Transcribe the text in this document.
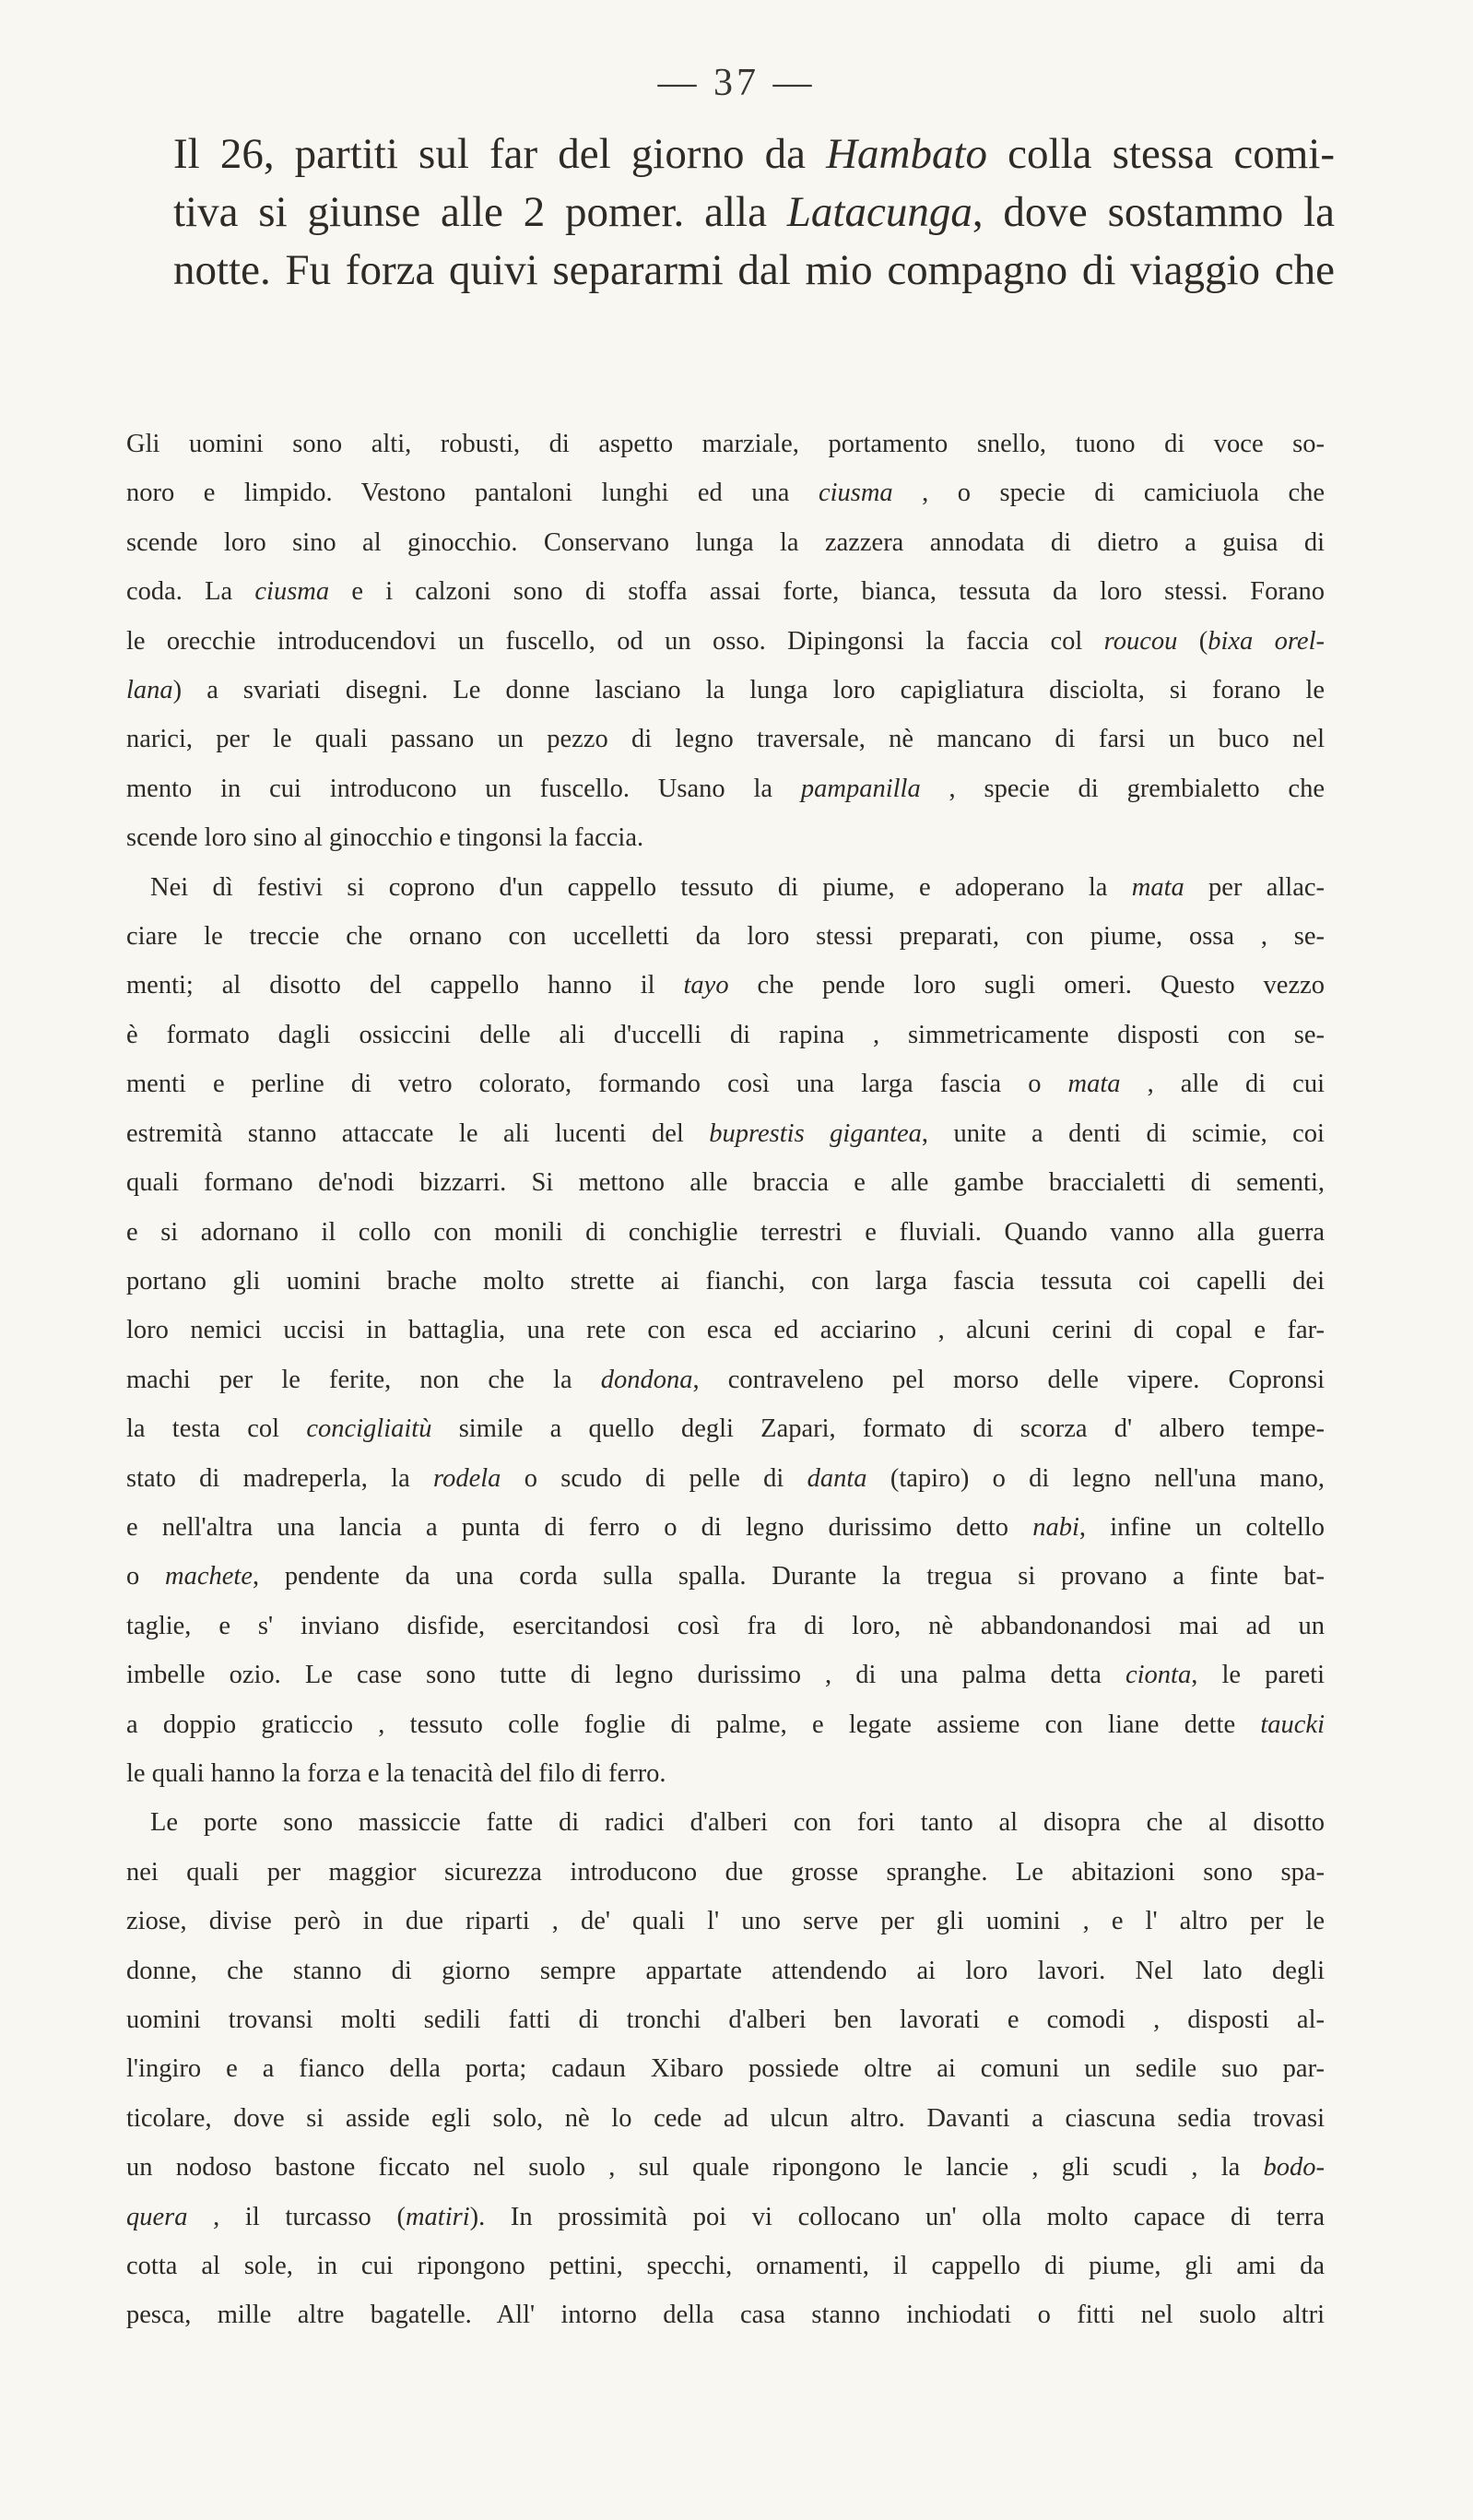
— 37 —
Il 26, partiti sul far del giorno da Hambato colla stessa comi-
tiva si giunse alle 2 pomer. alla Latacunga, dove sostammo la
notte. Fu forza quivi separarmi dal mio compagno di viaggio che
Gli uomini sono alti, robusti, di aspetto marziale, portamento snello, tuono di voce so-
noro e limpido. Vestono pantaloni lunghi ed una ciusma , o specie di camiciuola che
scende loro sino al ginocchio. Conservano lunga la zazzera annodata di dietro a guisa di
coda. La ciusma e i calzoni sono di stoffa assai forte, bianca, tessuta da loro stessi. Forano
le orecchie introducendovi un fuscello, od un osso. Dipingonsi la faccia col roucou (bixa orel-
lana) a svariati disegni. Le donne lasciano la lunga loro capigliatura disciolta, si forano le
narici, per le quali passano un pezzo di legno traversale, nè mancano di farsi un buco nel
mento in cui introducono un fuscello. Usano la pampanilla , specie di grembialetto che
scende loro sino al ginocchio e tingonsi la faccia.
Nei dì festivi si coprono d'un cappello tessuto di piume, e adoperano la mata per allac-
ciare le treccie che ornano con uccelletti da loro stessi preparati, con piume, ossa , se-
menti; al disotto del cappello hanno il tayo che pende loro sugli omeri. Questo vezzo
è formato dagli ossiccini delle ali d'uccelli di rapina , simmetricamente disposti con se-
menti e perline di vetro colorato, formando così una larga fascia o mata , alle di cui
estremità stanno attaccate le ali lucenti del buprestis gigantea, unite a denti di scimie, coi
quali formano de'nodi bizzarri. Si mettono alle braccia e alle gambe braccialetti di sementi,
e si adornano il collo con monili di conchiglie terrestri e fluviali. Quando vanno alla guerra
portano gli uomini brache molto strette ai fianchi, con larga fascia tessuta coi capelli dei
loro nemici uccisi in battaglia, una rete con esca ed acciarino , alcuni cerini di copal e far-
machi per le ferite, non che la dondona, contraveleno pel morso delle vipere. Copronsi
la testa col concigliaitù simile a quello degli Zapari, formato di scorza d' albero tempe-
stato di madreperla, la rodela o scudo di pelle di danta (tapiro) o di legno nell'una mano,
e nell'altra una lancia a punta di ferro o di legno durissimo detto nabi, infine un coltello
o machete, pendente da una corda sulla spalla. Durante la tregua si provano a finte bat-
taglie, e s' inviano disfide, esercitandosi così fra di loro, nè abbandonandosi mai ad un
imbelle ozio. Le case sono tutte di legno durissimo , di una palma detta cionta, le pareti
a doppio graticcio , tessuto colle foglie di palme, e legate assieme con liane dette taucki
le quali hanno la forza e la tenacità del filo di ferro.
Le porte sono massiccie fatte di radici d'alberi con fori tanto al disopra che al disotto
nei quali per maggior sicurezza introducono due grosse spranghe. Le abitazioni sono spa-
ziose, divise però in due riparti , de' quali l' uno serve per gli uomini , e l' altro per le
donne, che stanno di giorno sempre appartate attendendo ai loro lavori. Nel lato degli
uomini trovansi molti sedili fatti di tronchi d'alberi ben lavorati e comodi , disposti al-
l'ingiro e a fianco della porta; cadaun Xibaro possiede oltre ai comuni un sedile suo par-
ticolare, dove si asside egli solo, nè lo cede ad ulcun altro. Davanti a ciascuna sedia trovasi
un nodoso bastone ficcato nel suolo , sul quale ripongono le lancie , gli scudi , la bodo-
quera , il turcasso (matiri). In prossimità poi vi collocano un' olla molto capace di terra
cotta al sole, in cui ripongono pettini, specchi, ornamenti, il cappello di piume, gli ami da
pesca, mille altre bagatelle. All' intorno della casa stanno inchiodati o fitti nel suolo altri
